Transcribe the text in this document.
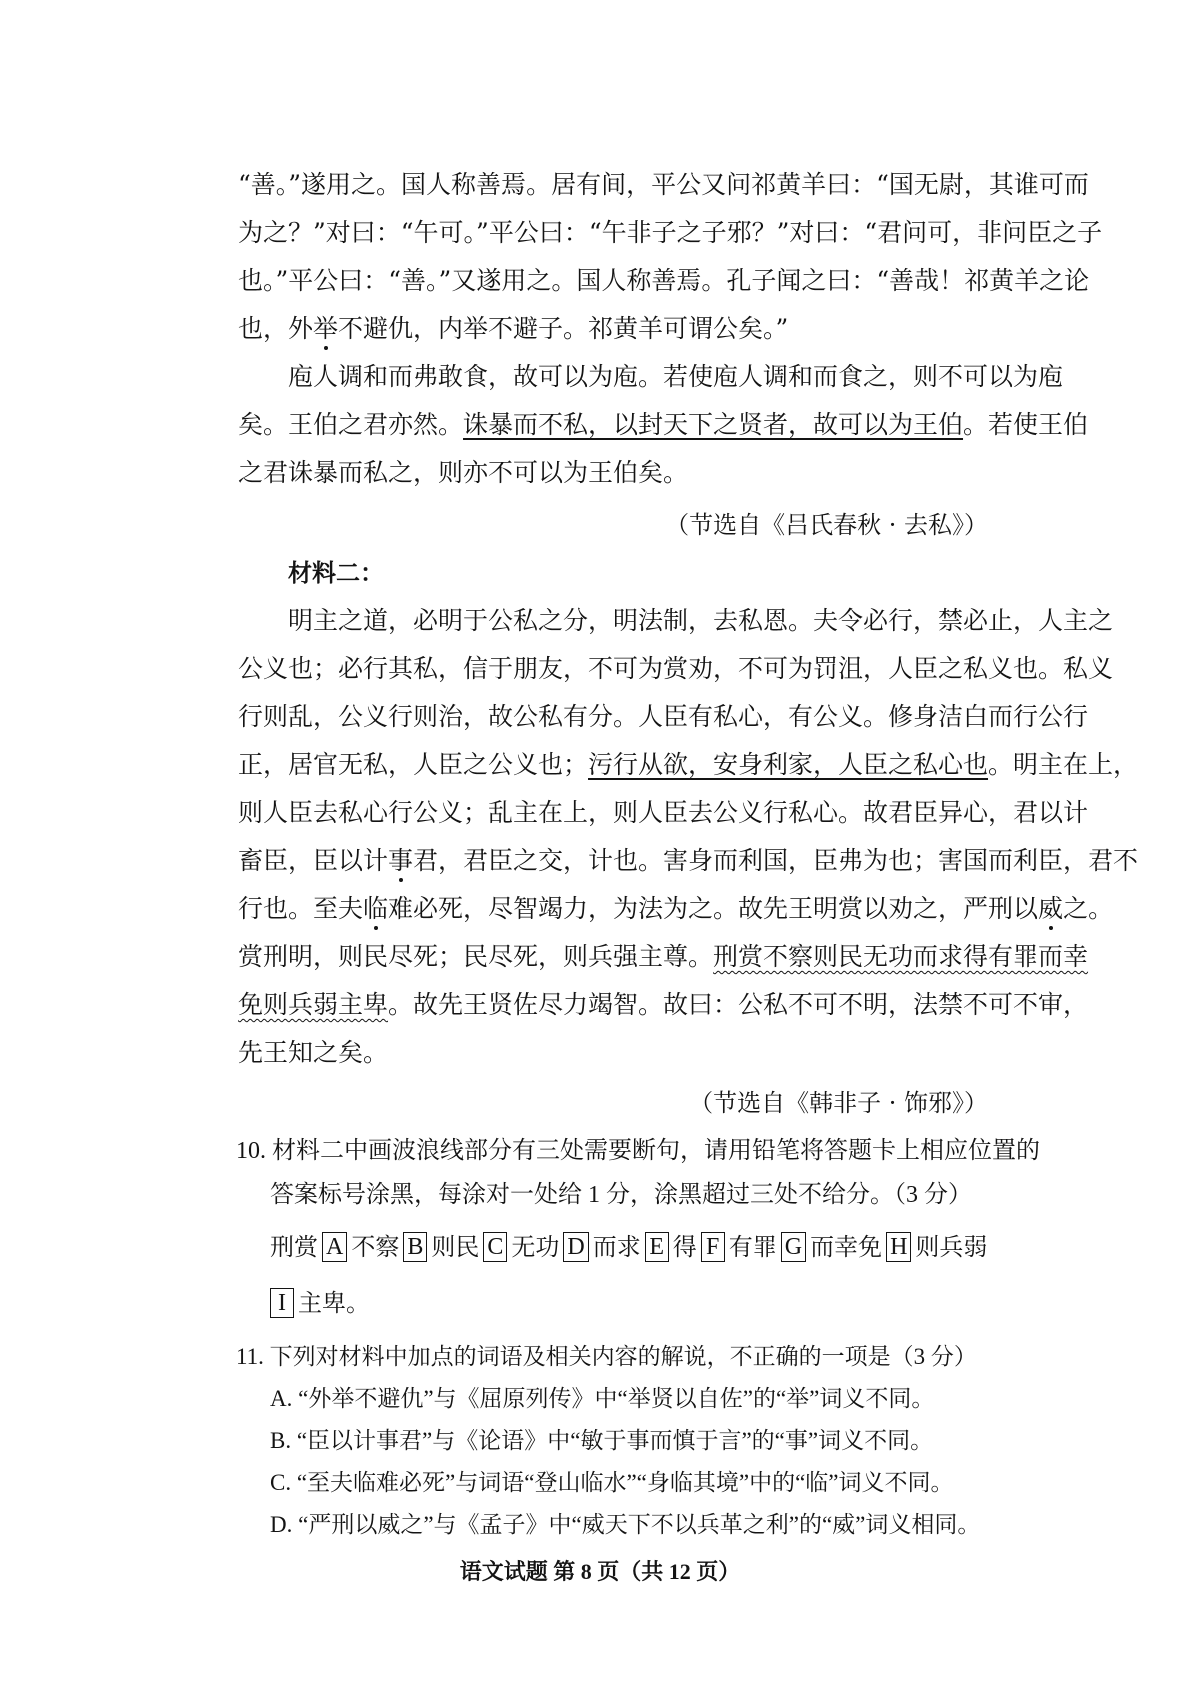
“善。”遂用之。国人称善焉。居有间，平公又问祁黄羊曰：“国无尉，其谁可而
为之？”对曰：“午可。”平公曰：“午非子之子邪？”对曰：“君问可，非问臣之子
也。”平公曰：“善。”又遂用之。国人称善焉。孔子闻之曰：“善哉！祁黄羊之论
也，外举不避仇，内举不避子。祁黄羊可谓公矣。”
庖人调和而弗敢食，故可以为庖。若使庖人调和而食之，则不可以为庖
矣。王伯之君亦然。诛暴而不私，以封天下之贤者，故可以为王伯。若使王伯
之君诛暴而私之，则亦不可以为王伯矣。
（节选自《吕氏春秋 · 去私》）
材料二：
明主之道，必明于公私之分，明法制，去私恩。夫令必行，禁必止，人主之
公义也；必行其私，信于朋友，不可为赏劝，不可为罚沮，人臣之私义也。私义
行则乱，公义行则治，故公私有分。人臣有私心，有公义。修身洁白而行公行
正，居官无私，人臣之公义也；污行从欲，安身利家，人臣之私心也。明主在上，
则人臣去私心行公义；乱主在上，则人臣去公义行私心。故君臣异心，君以计
畜臣，臣以计事君，君臣之交，计也。害身而利国，臣弗为也；害国而利臣，君不
行也。至夫临难必死，尽智竭力，为法为之。故先王明赏以劝之，严刑以威之。
赏刑明，则民尽死；民尽死，则兵强主尊。刑赏不察则民无功而求得有罪而幸
免则兵弱主卑。故先王贤佐尽力竭智。故曰：公私不可不明，法禁不可不审，
先王知之矣。
（节选自《韩非子 · 饰邪》）
10. 材料二中画波浪线部分有三处需要断句，请用铅笔将答题卡上相应位置的
答案标号涂黑，每涂对一处给 1 分，涂黑超过三处不给分。（3 分）
刑赏 A 不察 B 则民 C 无功 D 而求 E 得 F 有罪 G 而幸免 H 则兵弱
I 主卑。
11. 下列对材料中加点的词语及相关内容的解说，不正确的一项是（3 分）
A. “外举不避仇”与《屈原列传》中“举贤以自佐”的“举”词义不同。
B. “臣以计事君”与《论语》中“敏于事而慎于言”的“事”词义不同。
C. “至夫临难必死”与词语“登山临水”“身临其境”中的“临”词义不同。
D. “严刑以威之”与《孟子》中“威天下不以兵革之利”的“威”词义相同。
语文试题 第 8 页（共 12 页）
